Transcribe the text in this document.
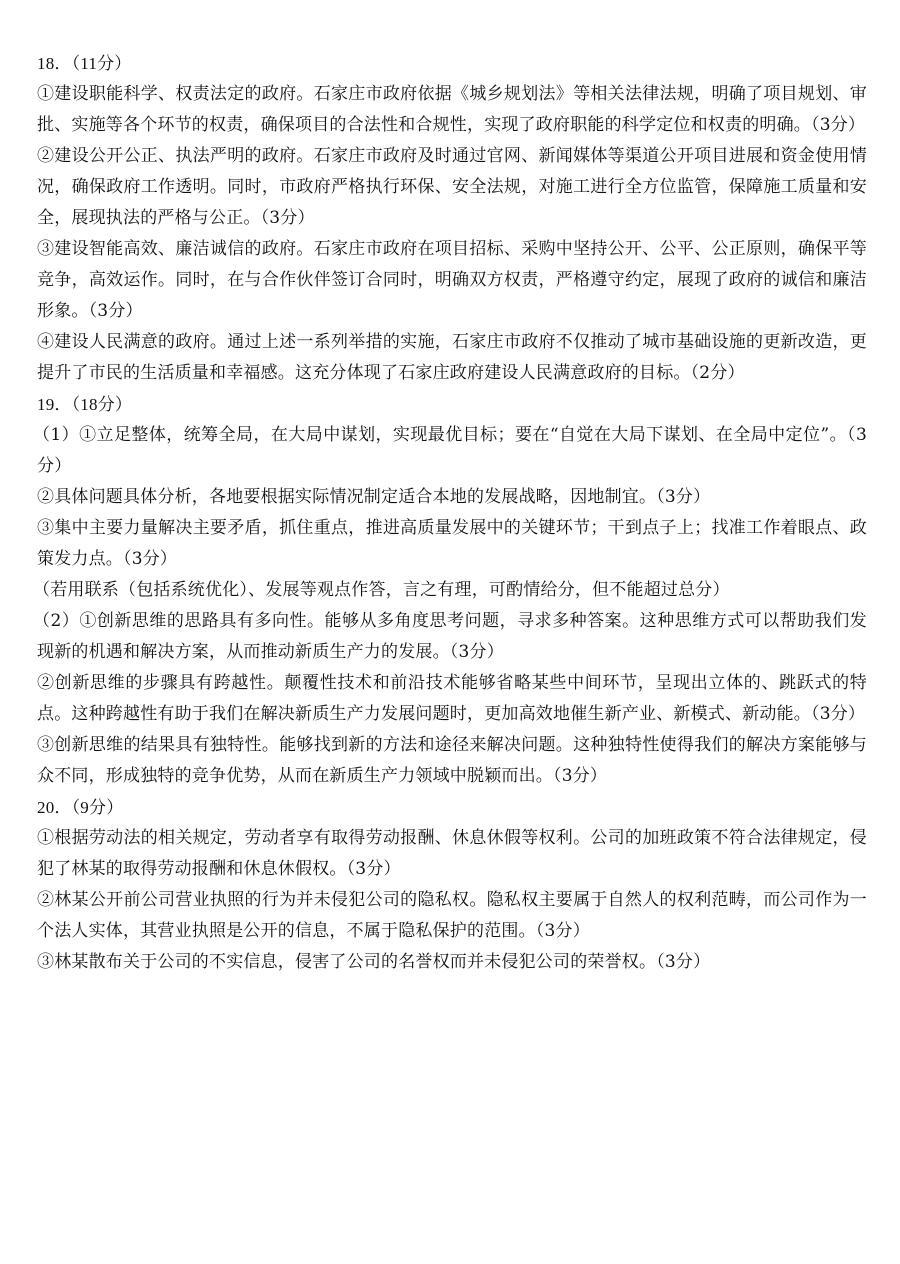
18．（11分）

①建设职能科学、权责法定的政府。石家庄市政府依据《城乡规划法》等相关法律法规，明确了项目规划、审批、实施等各个环节的权责，确保项目的合法性和合规性，实现了政府职能的科学定位和权责的明确。（3分）

②建设公开公正、执法严明的政府。石家庄市政府及时通过官网、新闻媒体等渠道公开项目进展和资金使用情况，确保政府工作透明。同时，市政府严格执行环保、安全法规，对施工进行全方位监管，保障施工质量和安全，展现执法的严格与公正。（3分）

③建设智能高效、廉洁诚信的政府。石家庄市政府在项目招标、采购中坚持公开、公平、公正原则，确保平等竞争，高效运作。同时，在与合作伙伴签订合同时，明确双方权责，严格遵守约定，展现了政府的诚信和廉洁形象。（3分）

④建设人民满意的政府。通过上述一系列举措的实施，石家庄市政府不仅推动了城市基础设施的更新改造，更提升了市民的生活质量和幸福感。这充分体现了石家庄政府建设人民满意政府的目标。（2分）

19．（18分）

（1）①立足整体，统筹全局，在大局中谋划，实现最优目标；要在“自觉在大局下谋划、在全局中定位”。（3分）

②具体问题具体分析，各地要根据实际情况制定适合本地的发展战略，因地制宜。（3分）

③集中主要力量解决主要矛盾，抓住重点，推进高质量发展中的关键环节；干到点子上；找准工作着眼点、政策发力点。（3分）

（若用联系（包括系统优化）、发展等观点作答，言之有理，可酌情给分，但不能超过总分）

（2）①创新思维的思路具有多向性。能够从多角度思考问题，寻求多种答案。这种思维方式可以帮助我们发现新的机遇和解决方案，从而推动新质生产力的发展。（3分）

②创新思维的步骤具有跨越性。颠覆性技术和前沿技术能够省略某些中间环节，呈现出立体的、跳跃式的特点。这种跨越性有助于我们在解决新质生产力发展问题时，更加高效地催生新产业、新模式、新动能。（3分）

③创新思维的结果具有独特性。能够找到新的方法和途径来解决问题。这种独特性使得我们的解决方案能够与众不同，形成独特的竞争优势，从而在新质生产力领域中脱颖而出。（3分）

20．（9分）

①根据劳动法的相关规定，劳动者享有取得劳动报酬、休息休假等权利。公司的加班政策不符合法律规定，侵犯了林某的取得劳动报酬和休息休假权。（3分）

②林某公开前公司营业执照的行为并未侵犯公司的隐私权。隐私权主要属于自然人的权利范畴，而公司作为一个法人实体，其营业执照是公开的信息，不属于隐私保护的范围。（3分）

③林某散布关于公司的不实信息，侵害了公司的名誉权而并未侵犯公司的荣誉权。（3分）
